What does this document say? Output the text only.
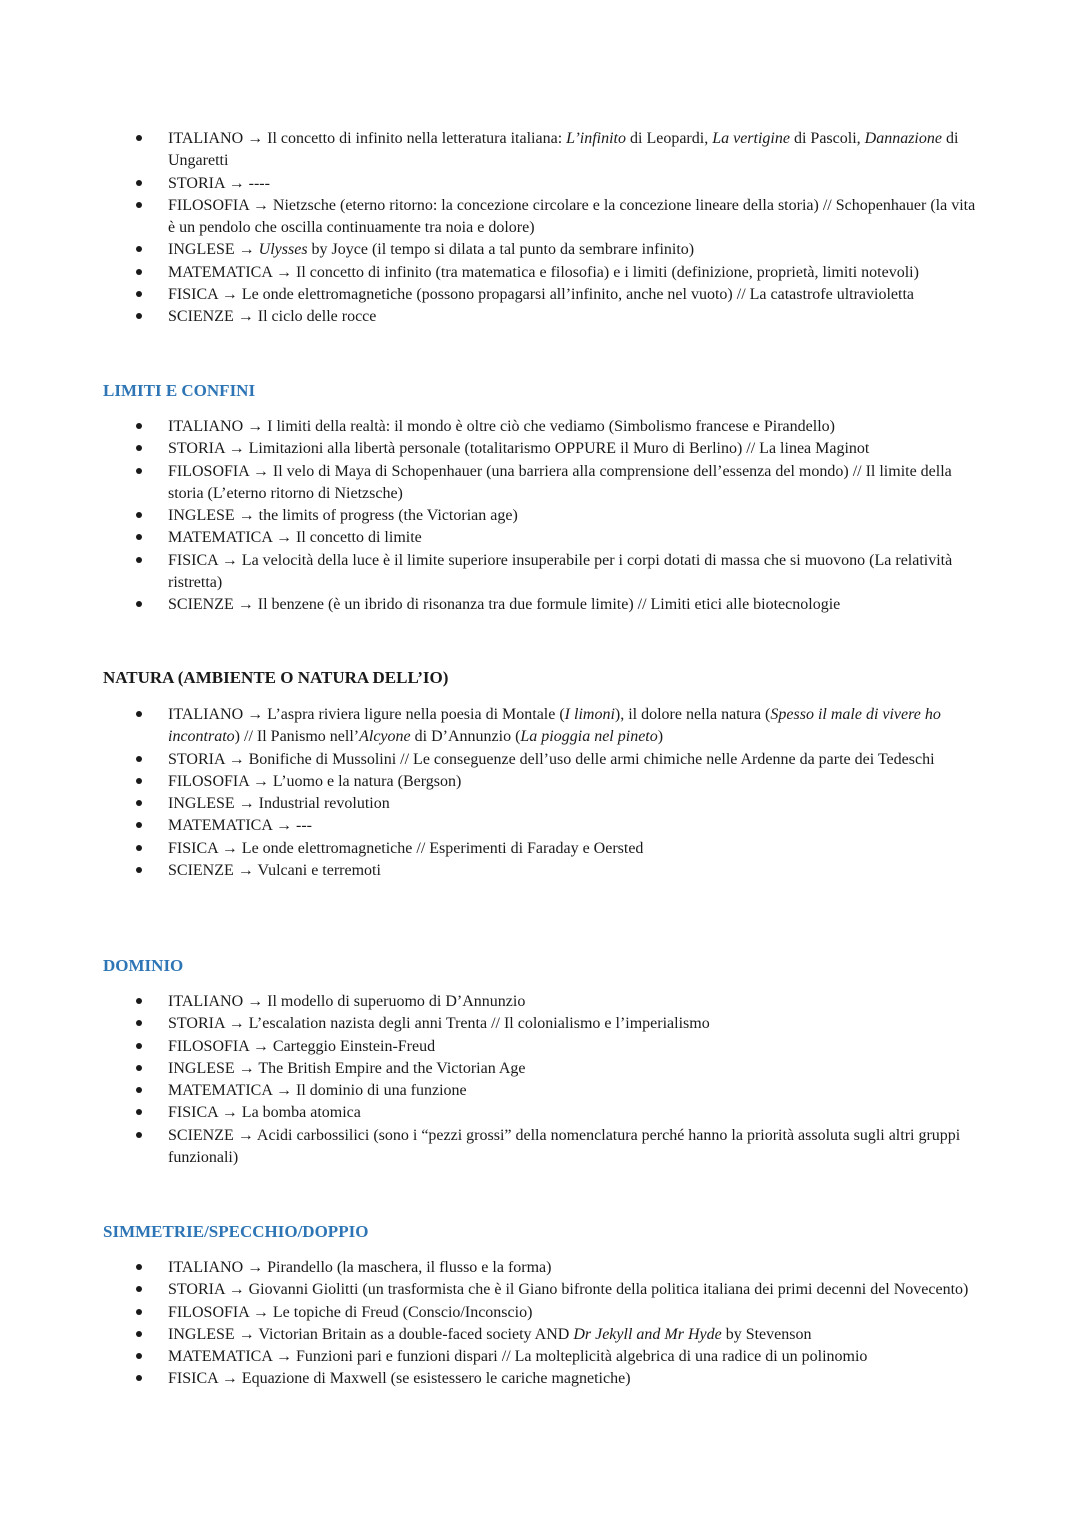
ITALIANO → Il concetto di infinito nella letteratura italiana: L’infinito di Leopardi, La vertigine di Pascoli, Dannazione di Ungaretti
STORIA → ----
FILOSOFIA → Nietzsche (eterno ritorno: la concezione circolare e la concezione lineare della storia) // Schopenhauer (la vita è un pendolo che oscilla continuamente tra noia e dolore)
INGLESE → Ulysses by Joyce (il tempo si dilata a tal punto da sembrare infinito)
MATEMATICA → Il concetto di infinito (tra matematica e filosofia) e i limiti (definizione, proprietà, limiti notevoli)
FISICA → Le onde elettromagnetiche (possono propagarsi all’infinito, anche nel vuoto) // La catastrofe ultravioletta
SCIENZE → Il ciclo delle rocce
LIMITI E CONFINI
ITALIANO → I limiti della realtà: il mondo è oltre ciò che vediamo (Simbolismo francese e Pirandello)
STORIA → Limitazioni alla libertà personale (totalitarismo OPPURE il Muro di Berlino) // La linea Maginot
FILOSOFIA → Il velo di Maya di Schopenhauer (una barriera alla comprensione dell’essenza del mondo) // Il limite della storia (L’eterno ritorno di Nietzsche)
INGLESE → the limits of progress (the Victorian age)
MATEMATICA → Il concetto di limite
FISICA → La velocità della luce è il limite superiore insuperabile per i corpi dotati di massa che si muovono (La relatività ristretta)
SCIENZE → Il benzene (è un ibrido di risonanza tra due formule limite) // Limiti etici alle biotecnologie
NATURA (AMBIENTE O NATURA DELL’IO)
ITALIANO → L’aspra riviera ligure nella poesia di Montale (I limoni), il dolore nella natura (Spesso il male di vivere ho incontrato) // Il Panismo nell’Alcyone di D’Annunzio (La pioggia nel pineto)
STORIA → Bonifiche di Mussolini // Le conseguenze dell’uso delle armi chimiche nelle Ardenne da parte dei Tedeschi
FILOSOFIA → L’uomo e la natura (Bergson)
INGLESE → Industrial revolution
MATEMATICA → ---
FISICA → Le onde elettromagnetiche // Esperimenti di Faraday e Oersted
SCIENZE → Vulcani e terremoti
DOMINIO
ITALIANO → Il modello di superuomo di D’Annunzio
STORIA → L’escalation nazista degli anni Trenta // Il colonialismo e l’imperialismo
FILOSOFIA → Carteggio Einstein-Freud
INGLESE → The British Empire and the Victorian Age
MATEMATICA → Il dominio di una funzione
FISICA → La bomba atomica
SCIENZE → Acidi carbossilici (sono i “pezzi grossi” della nomenclatura perché hanno la priorità assoluta sugli altri gruppi funzionali)
SIMMETRIE/SPECCHIO/DOPPIO
ITALIANO → Pirandello (la maschera, il flusso e la forma)
STORIA → Giovanni Giolitti (un trasformista che è il Giano bifronte della politica italiana dei primi decenni del Novecento)
FILOSOFIA → Le topiche di Freud (Conscio/Inconscio)
INGLESE → Victorian Britain as a double-faced society AND Dr Jekyll and Mr Hyde by Stevenson
MATEMATICA → Funzioni pari e funzioni dispari // La molteplicità algebrica di una radice di un polinomio
FISICA → Equazione di Maxwell (se esistessero le cariche magnetiche)
